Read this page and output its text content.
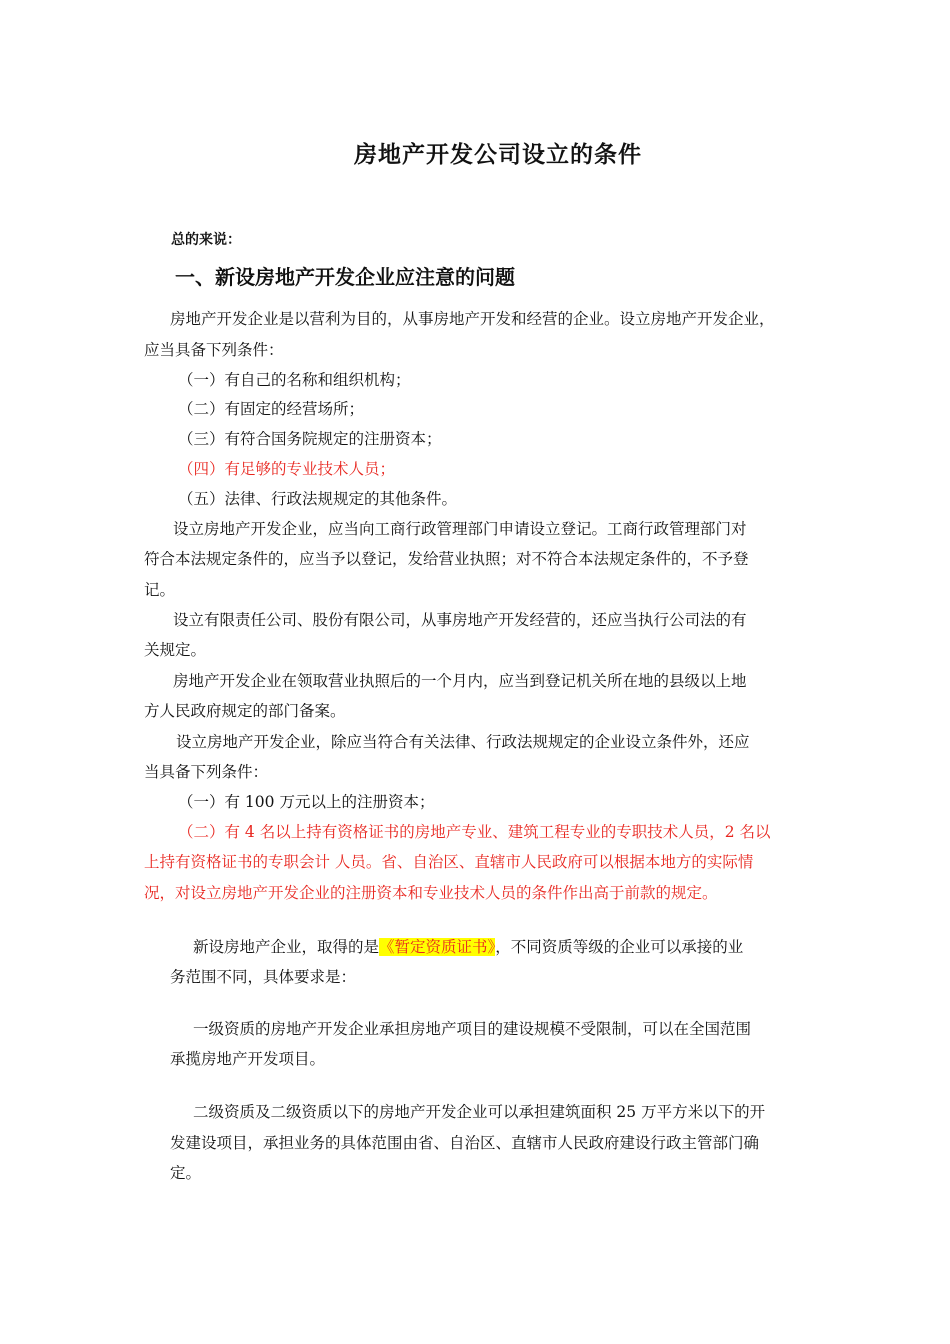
房地产开发公司设立的条件
总的来说：
一、新设房地产开发企业应注意的问题
房地产开发企业是以营利为目的，从事房地产开发和经营的企业。设立房地产开发企业，
应当具备下列条件：
（一）有自己的名称和组织机构；
（二）有固定的经营场所；
（三）有符合国务院规定的注册资本；
（四）有足够的专业技术人员；
（五）法律、行政法规规定的其他条件。
设立房地产开发企业，应当向工商行政管理部门申请设立登记。工商行政管理部门对
符合本法规定条件的，应当予以登记，发给营业执照；对不符合本法规定条件的，不予登
记。
设立有限责任公司、股份有限公司，从事房地产开发经营的，还应当执行公司法的有
关规定。
房地产开发企业在领取营业执照后的一个月内，应当到登记机关所在地的县级以上地
方人民政府规定的部门备案。
设立房地产开发企业，除应当符合有关法律、行政法规规定的企业设立条件外，还应
当具备下列条件：
（一）有 100 万元以上的注册资本；
（二）有 4 名以上持有资格证书的房地产专业、建筑工程专业的专职技术人员，2 名以
上持有资格证书的专职会计 人员。省、自治区、直辖市人民政府可以根据本地方的实际情
况，对设立房地产开发企业的注册资本和专业技术人员的条件作出高于前款的规定。
新设房地产企业，取得的是《暂定资质证书》，不同资质等级的企业可以承接的业
务范围不同，具体要求是：
一级资质的房地产开发企业承担房地产项目的建设规模不受限制，可以在全国范围
承揽房地产开发项目。
二级资质及二级资质以下的房地产开发企业可以承担建筑面积 25 万平方米以下的开
发建设项目，承担业务的具体范围由省、自治区、直辖市人民政府建设行政主管部门确
定。
